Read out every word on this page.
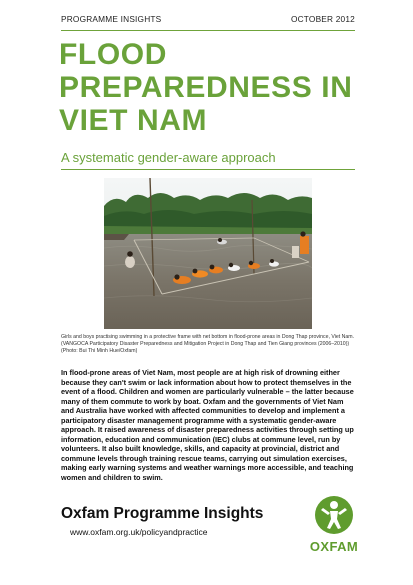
PROGRAMME INSIGHTS	OCTOBER 2012
FLOOD
PREPAREDNESS IN
VIET NAM
A systematic gender-aware approach
Girls and boys practising swimming in a protective frame with net bottom in flood-prone areas in Dong Thap province, Viet Nam. (VANGOCA Participatory Disaster Preparedness and Mitigation Project in Dong Thap and Tien Giang provinces (2006–2010)) (Photo: Bui Thi Minh Hue/Oxfam)
In flood-prone areas of Viet Nam, most people are at high risk of drowning either because they can't swim or lack information about how to protect themselves in the event of a flood. Children and women are particularly vulnerable – the latter because many of them commute to work by boat. Oxfam and the governments of Viet Nam and Australia have worked with affected communities to develop and implement a participatory disaster management programme with a systematic gender-aware approach. It raised awareness of disaster preparedness activities through setting up information, education and communication (IEC) clubs at commune level, run by volunteers. It also built knowledge, skills, and capacity at provincial, district and commune levels through training rescue teams, carrying out simulation exercises, making early warning systems and weather warnings more accessible, and teaching women and children to swim.
Oxfam Programme Insights
www.oxfam.org.uk/policyandpractice
OXFAM
